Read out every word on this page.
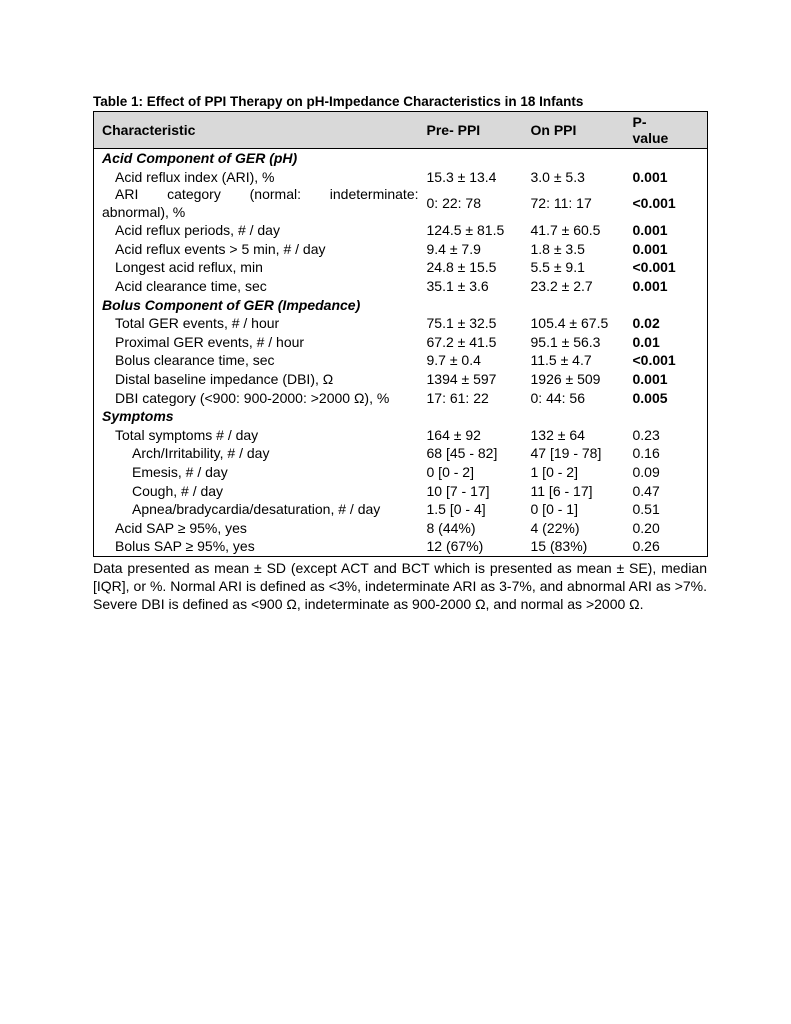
Table 1: Effect of PPI Therapy on pH-Impedance Characteristics in 18 Infants
Characteristic	Pre- PPI	On PPI	P-
value
Acid Component of GER (pH)			
Acid reflux index (ARI), %	15.3 ± 13.4	3.0 ± 5.3	0.001

ARI category (normal: indeterminate:
abnormal), %	0: 22: 78	72: 11: 17	<0.001
Acid reflux periods, # / day	124.5 ± 81.5	41.7 ± 60.5	0.001
Acid reflux events > 5 min, # / day	9.4 ± 7.9	1.8 ± 3.5	0.001
Longest acid reflux, min	24.8 ± 15.5	5.5 ± 9.1	<0.001
Acid clearance time, sec	35.1 ± 3.6	23.2 ± 2.7	0.001
Bolus Component of GER (Impedance)			
Total GER events, # / hour	75.1 ± 32.5	105.4 ± 67.5	0.02
Proximal GER events, # / hour	67.2 ± 41.5	95.1 ± 56.3	0.01
Bolus clearance time, sec	9.7 ± 0.4	11.5 ± 4.7	<0.001
Distal baseline impedance (DBI), Ω	1394 ± 597	1926 ± 509	0.001
DBI category (<900: 900-2000: >2000 Ω), %	17: 61: 22	0: 44: 56	0.005
Symptoms			
Total symptoms # / day	164 ± 92	132 ± 64	0.23
Arch/Irritability, # / day	68 [45 - 82]	47 [19 - 78]	0.16
Emesis, # / day	0 [0 - 2]	1 [0 - 2]	0.09
Cough, # / day	10 [7 - 17]	11 [6 - 17]	0.47
Apnea/bradycardia/desaturation, # / day	1.5 [0 - 4]	0 [0 - 1]	0.51
Acid SAP ≥ 95%, yes	8 (44%)	4 (22%)	0.20
Bolus SAP ≥ 95%, yes	12 (67%)	15 (83%)	0.26
Data presented as mean ± SD (except ACT and BCT which is presented as mean ± SE), median [IQR], or %. Normal ARI is defined as <3%, indeterminate ARI as 3-7%, and abnormal ARI as >7%. Severe DBI is defined as <900 Ω, indeterminate as 900-2000 Ω, and normal as >2000 Ω.
